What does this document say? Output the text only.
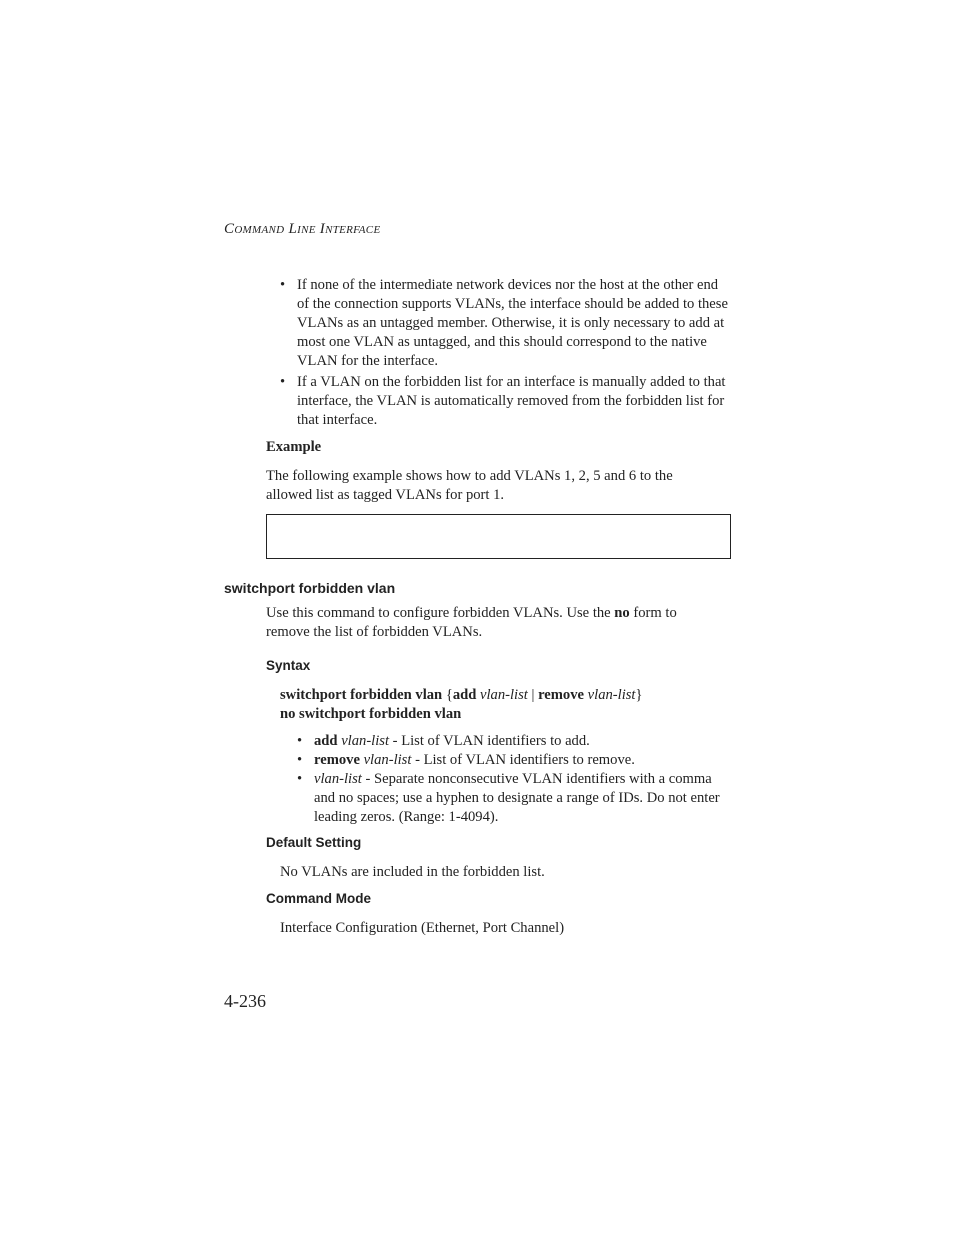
COMMAND LINE INTERFACE
• If none of the intermediate network devices nor the host at the other end of the connection supports VLANs, the interface should be added to these VLANs as an untagged member. Otherwise, it is only necessary to add at most one VLAN as untagged, and this should correspond to the native VLAN for the interface.
• If a VLAN on the forbidden list for an interface is manually added to that interface, the VLAN is automatically removed from the forbidden list for that interface.
Example
The following example shows how to add VLANs 1, 2, 5 and 6 to the allowed list as tagged VLANs for port 1.
switchport forbidden vlan
Use this command to configure forbidden VLANs. Use the no form to remove the list of forbidden VLANs.
Syntax
switchport forbidden vlan {add vlan-list | remove vlan-list}
no switchport forbidden vlan
• add vlan-list - List of VLAN identifiers to add.
• remove vlan-list - List of VLAN identifiers to remove.
• vlan-list - Separate nonconsecutive VLAN identifiers with a comma and no spaces; use a hyphen to designate a range of IDs. Do not enter leading zeros. (Range: 1-4094).
Default Setting
No VLANs are included in the forbidden list.
Command Mode
Interface Configuration (Ethernet, Port Channel)
4-236
